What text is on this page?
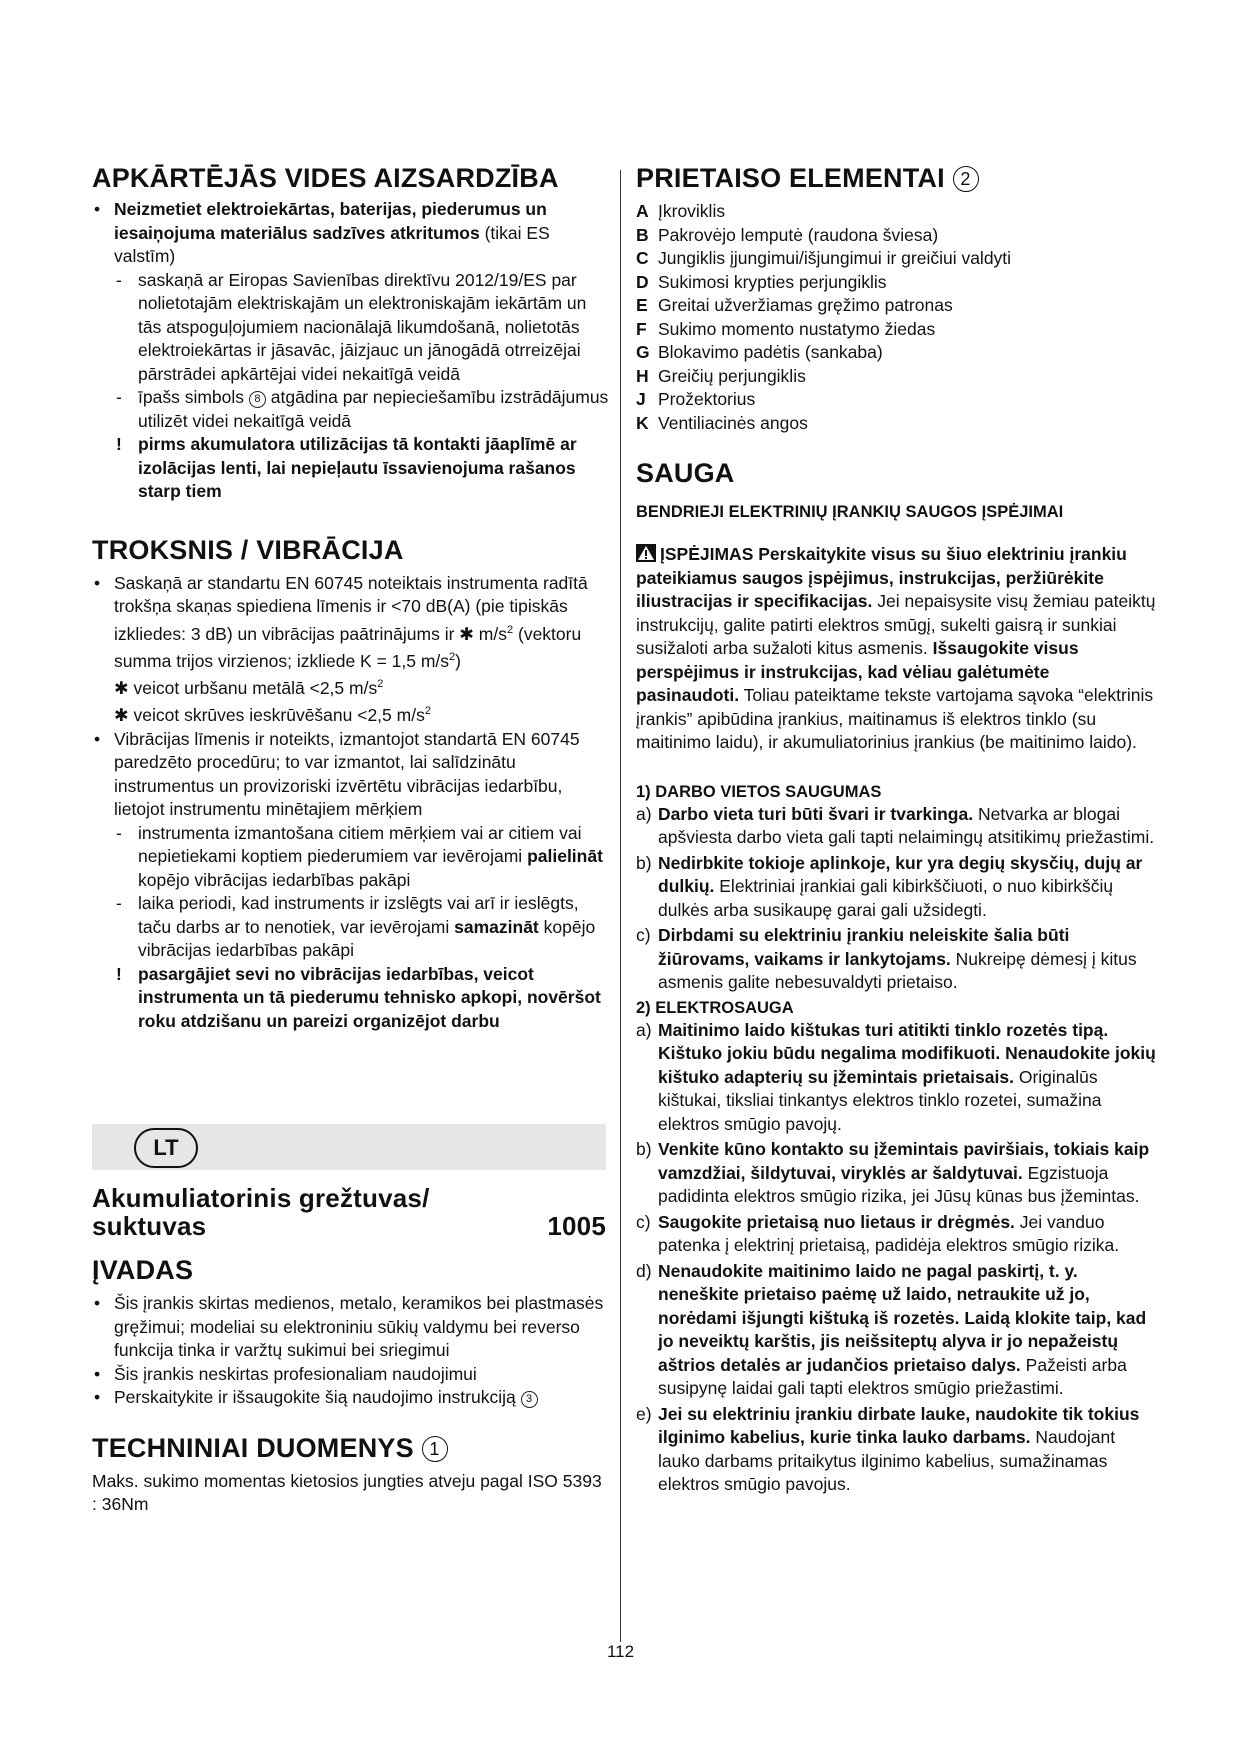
APKĀRTĒJĀS VIDES AIZSARDZĪBA
• Neizmetiet elektroiekārtas, baterijas, piederumus un iesaiņojuma materiālus sadzīves atkritumos (tikai ES valstīm)
- saskaņā ar Eiropas Savienības direktīvu 2012/19/ES par nolietotajām elektriskajām un elektroniskajām iekārtām un tās atspoguļojumiem nacionālajā likumdošanā, nolietotās elektroiekārtas ir jāsavāc, jāizjauc un jānogādā otrreizējai pārstrādei apkārtējai videi nekaitīgā veidā
- īpašs simbols 8 atgādina par nepieciešamību izstrādājumus utilizēt videi nekaitīgā veidā
! pirms akumulatora utilizācijas tā kontakti jāaplīmē ar izolācijas lenti, lai nepieļautu īssavienojuma rašanos starp tiem
TROKSNIS / VIBRĀCIJA
• Saskaņā ar standartu EN 60745 noteiktais instrumenta radītā trokšņa skaņas spiediena līmenis ir <70 dB(A) (pie tipiskās izkliedes: 3 dB) un vibrācijas paātrinājums ir ✱ $m/s^2$ (vektoru summa trijos virzienos; izkliede K = 1,5 $m/s^2$)
✱ veicot urbšanu metālā <2,5 $m/s^2$
✱ veicot skrūves ieskrūvēšanu <2,5 $m/s^2$
• Vibrācijas līmenis ir noteikts, izmantojot standartā EN 60745 paredzēto procedūru; to var izmantot, lai salīdzinātu instrumentus un provizoriski izvērtētu vibrācijas iedarbību, lietojot instrumentu minētajiem mērķiem
- instrumenta izmantošana citiem mērķiem vai ar citiem vai nepietiekami koptiem piederumiem var ievērojami palielināt kopējo vibrācijas iedarbības pakāpi
- laika periodi, kad instruments ir izslēgts vai arī ir ieslēgts, taču darbs ar to nenotiek, var ievērojami samazināt kopējo vibrācijas iedarbības pakāpi
! pasargājiet sevi no vibrācijas iedarbības, veicot instrumenta un tā piederumu tehnisko apkopi, novēršot roku atdzišanu un pareizi organizējot darbu
LT
Akumuliatorinis grežtuvas/
suktuvas	1005
ĮVADAS
• Šis įrankis skirtas medienos, metalo, keramikos bei plastmasės gręžimui; modeliai su elektroniniu sūkių valdymu bei reverso funkcija tinka ir varžtų sukimui bei sriegimui
• Šis įrankis neskirtas profesionaliam naudojimui
• Perskaitykite ir išsaugokite šią naudojimo instrukciją 3
TECHNINIAI DUOMENYS 1

Maks. sukimo momentas kietosios jungties atveju pagal ISO 5393 : 36Nm

PRIETAISO ELEMENTAI 2
A Įkroviklis
B Pakrovėjo lemputė (raudona šviesa)
C Jungiklis įjungimui/išjungimui ir greičiui valdyti
D Sukimosi krypties perjungiklis
E Greitai užveržiamas gręžimo patronas
F Sukimo momento nustatymo žiedas
G Blokavimo padėtis (sankaba)
H Greičių perjungiklis
J Prožektorius
K Ventiliacinės angos
SAUGA
BENDRIEJI ELEKTRINIŲ ĮRANKIŲ SAUGOS ĮSPĖJIMAI

ĮSPĖJIMAS Perskaitykite visus su šiuo elektriniu įrankiu pateikiamus saugos įspėjimus, instrukcijas, peržiūrėkite iliustracijas ir specifikacijas. Jei nepaisysite visų žemiau pateiktų instrukcijų, galite patirti elektros smūgį, sukelti gaisrą ir sunkiai susižaloti arba sužaloti kitus asmenis. Išsaugokite visus perspėjimus ir instrukcijas, kad vėliau galėtumėte pasinaudoti. Toliau pateiktame tekste vartojama sąvoka “elektrinis įrankis” apibūdina įrankius, maitinamus iš elektros tinklo (su maitinimo laidu), ir akumuliatorinius įrankius (be maitinimo laido).

1) DARBO VIETOS SAUGUMAS
a) Darbo vieta turi būti švari ir tvarkinga. Netvarka ar blogai apšviesta darbo vieta gali tapti nelaimingų atsitikimų priežastimi.
b) Nedirbkite tokioje aplinkoje, kur yra degių skysčių, dujų ar dulkių. Elektriniai įrankiai gali kibirkščiuoti, o nuo kibirkščių dulkės arba susikaupę garai gali užsidegti.
c) Dirbdami su elektriniu įrankiu neleiskite šalia būti žiūrovams, vaikams ir lankytojams. Nukreipę dėmesį į kitus asmenis galite nebesuvaldyti prietaiso.
2) ELEKTROSAUGA
a) Maitinimo laido kištukas turi atitikti tinklo rozetės tipą. Kištuko jokiu būdu negalima modifikuoti. Nenaudokite jokių kištuko adapterių su įžemintais prietaisais. Originalūs kištukai, tiksliai tinkantys elektros tinklo rozetei, sumažina elektros smūgio pavojų.
b) Venkite kūno kontakto su įžemintais paviršiais, tokiais kaip vamzdžiai, šildytuvai, viryklės ar šaldytuvai. Egzistuoja padidinta elektros smūgio rizika, jei Jūsų kūnas bus įžemintas.
c) Saugokite prietaisą nuo lietaus ir drėgmės. Jei vanduo patenka į elektrinį prietaisą, padidėja elektros smūgio rizika.
d) Nenaudokite maitinimo laido ne pagal paskirtį, t. y. neneškite prietaiso paėmę už laido, netraukite už jo, norėdami išjungti kištuką iš rozetės. Laidą klokite taip, kad jo neveiktų karštis, jis neišsiteptų alyva ir jo nepažeistų aštrios detalės ar judančios prietaiso dalys. Pažeisti arba susipynę laidai gali tapti elektros smūgio priežastimi.
e) Jei su elektriniu įrankiu dirbate lauke, naudokite tik tokius ilginimo kabelius, kurie tinka lauko darbams. Naudojant lauko darbams pritaikytus ilginimo kabelius, sumažinamas elektros smūgio pavojus.
112
